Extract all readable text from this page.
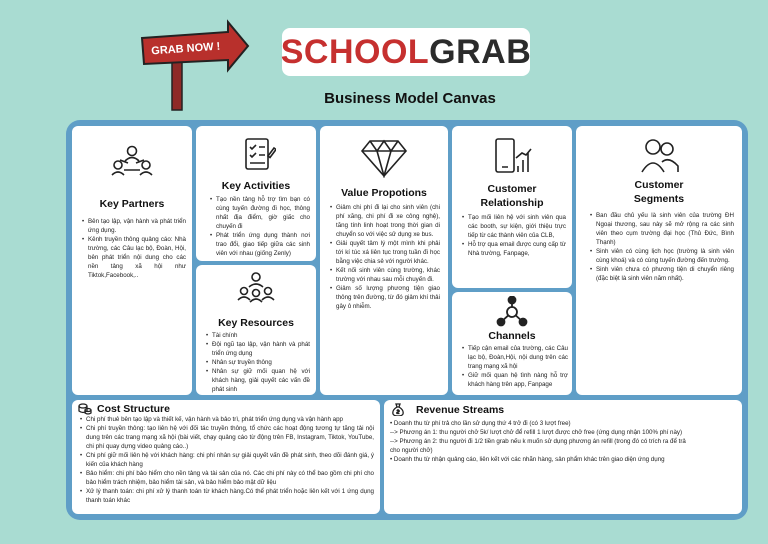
GRAB NOW ! SCHOOL GRAB
Business Model Canvas
Key Partners
• Bên tạo lập, vận hành và phát triển ứng dụng.
• Kênh truyền thông quảng cáo: Nhà trường, các Câu lạc bộ, Đoàn, Hội, bên phát triển nội dung cho các nền tảng xã hội như Tiktok,Facebook,..
Key Activities
• Tạo nền tảng hỗ trợ tìm bạn có cùng tuyến đường đi học, thông nhất địa điểm, giờ giấc cho chuyến đi
• Phát triển ứng dụng thành nơi trao đổi, giao tiếp giữa các sinh viên với nhau (giống Zenly)
Key Resources
• Tài chính
• Đội ngũ tạo lập, vận hành và phát triển ứng dụng
• Nhân sự truyền thông
• Nhân sự giữ mối quan hệ với khách hàng, giải quyết các vấn đề phát sinh
Value Propotions
• Giảm chi phí đi lại cho sinh viên (chi phí xăng, chi phí đi xe công nghệ), tăng tính linh hoạt trong thời gian di chuyển so với việc sử dụng xe bus.
• Giải quyết tâm lý một mình khi phải tới kí túc xá liên tục trong tuần đi học bằng việc chia sẻ với người khác.
• Kết nối sinh viên cùng trường, khác trường với nhau sau mỗi chuyến đi.
• Giảm số lượng phương tiện giao thông trên đường, từ đó giảm khí thải gây ô nhiễm.
Customer Relationship
• Tạo mối liên hệ với sinh viên qua các booth, sự kiện, giới thiệu trực tiếp từ các thành viên của CLB,
• Hỗ trợ qua email được cung cấp từ Nhà trường, Fanpage,
Channels
• Tiếp cận email của trường, các Câu lạc bộ, Đoàn,Hội, nội dung trên các trang mạng xã hội
• Giữ mối quan hệ tình nàng hỗ trợ khách hàng trên app, Fanpage
Customer Segments
• Ban đầu chủ yếu là sinh viên của trường ĐH Ngoại thương, sau này sẽ mở rộng ra các sinh viên theo cụm trường đại học (Thủ Đức, Bình Thạnh)
• Sinh viên có cùng lịch học (trường là sinh viên cùng khoá) và có cùng tuyến đường đến trường.
• Sinh viên chưa có phương tiện di chuyển riêng (đặc biệt là sinh viên năm nhất).
Cost Structure
• Chi phí thuê bên tạo lập và thiết kế, vận hành và bảo trì, phát triển ứng dụng và vận hành app
• Chi phí truyền thông: tạo liên hệ với đối tác truyền thông, tổ chức các hoạt động tương tự tăng tải nội dung trên các trang mạng xã hội (bài viết, chạy quảng cáo từ động trên FB, Instagram, Tiktok, YouTube, chi phí quay dựng video quảng cáo..)
• Chi phí giữ mối liên hệ với khách hàng: chi phí nhân sự giải quyết vấn đề phát sinh, theo dõi đánh giá, ý kiến của khách hàng
• Bảo hiểm: chi phí bảo hiểm cho nền tảng và tài sản của nó. Các chi phí này có thể bao gồm chi phí cho bảo hiểm trách nhiệm, bảo hiểm tài sản, và bảo hiểm bảo mật dữ liệu
• Xử lý thanh toán: chi phí xử lý thanh toán từ khách hàng.Có thể phát triển hoặc liên kết với 1 ứng dụng thanh toán khác
Revenue Streams

• Doanh thu từ phí trả cho lần sử dụng thứ 4 trở đi (có 3 lượt free)

--> Phương án 1: thu người chở 5k/ lượt chở để refill 1 lượt được chở free (ứng dụng nhận 100% phí này)

--> Phương án 2: thu người đi 1/2 tiền grab nếu k muốn sử dụng phương án refill (trong đó có trích ra để trả cho người chở)

• Doanh thu từ nhận quảng cáo, liên kết với các nhãn hàng, sản phẩm khác trên giao diện ứng dụng
